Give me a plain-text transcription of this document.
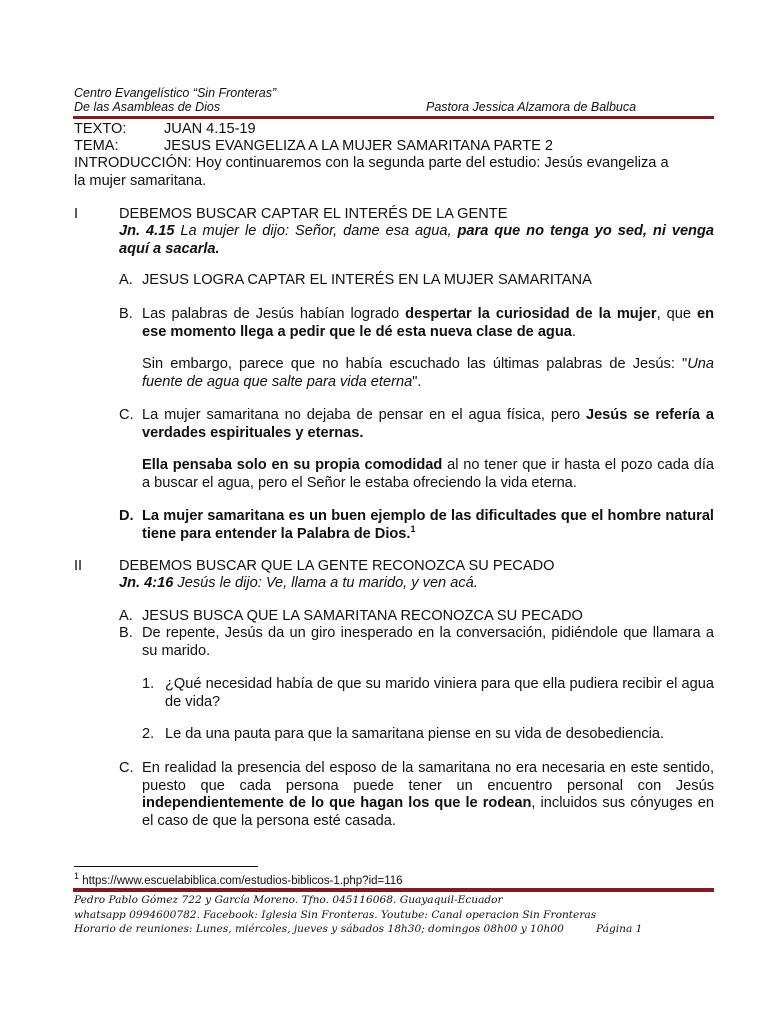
Centro Evangelístico “Sin Fronteras”
De las Asambleas de Dios	Pastora Jessica Alzamora de Balbuca
TEXTO:	JUAN 4.15-19
TEMA:	JESUS EVANGELIZA A LA MUJER SAMARITANA PARTE 2
INTRODUCCIÓN: Hoy continuaremos con la segunda parte del estudio: Jesús evangeliza a
la mujer samaritana.
I	DEBEMOS BUSCAR CAPTAR EL INTERÉS DE LA GENTE
Jn. 4.15 La mujer le dijo: Señor, dame esa agua, para que no tenga yo sed, ni venga aquí a sacarla.
A. JESUS LOGRA CAPTAR EL INTERÉS EN LA MUJER SAMARITANA
B. Las palabras de Jesús habían logrado despertar la curiosidad de la mujer, que en ese momento llega a pedir que le dé esta nueva clase de agua.
Sin embargo, parece que no había escuchado las últimas palabras de Jesús: "Una fuente de agua que salte para vida eterna".
C. La mujer samaritana no dejaba de pensar en el agua física, pero Jesús se refería a verdades espirituales y eternas.
Ella pensaba solo en su propia comodidad al no tener que ir hasta el pozo cada día a buscar el agua, pero el Señor le estaba ofreciendo la vida eterna.
D. La mujer samaritana es un buen ejemplo de las dificultades que el hombre natural tiene para entender la Palabra de Dios.$^1$
II	DEBEMOS BUSCAR QUE LA GENTE RECONOZCA SU PECADO
Jn. 4:16 Jesús le dijo: Ve, llama a tu marido, y ven acá.
A. JESUS BUSCA QUE LA SAMARITANA RECONOZCA SU PECADO
B. De repente, Jesús da un giro inesperado en la conversación, pidiéndole que llamara a su marido.
1. ¿Qué necesidad había de que su marido viniera para que ella pudiera recibir el agua de vida?
2. Le da una pauta para que la samaritana piense en su vida de desobediencia.
C. En realidad la presencia del esposo de la samaritana no era necesaria en este sentido, puesto que cada persona puede tener un encuentro personal con Jesús independientemente de lo que hagan los que le rodean, incluidos sus cónyuges en el caso de que la persona esté casada.
$^1$ https://www.escuelabiblica.com/estudios-biblicos-1.php?id=116
Pedro Pablo Gómez 722 y García Moreno. Tfno. 045116068. Guayaquil-Ecuador
whatsapp 0994600782. Facebook: Iglesia Sin Fronteras. Youtube: Canal operacion Sin Fronteras
Horario de reuniones: Lunes, miércoles, jueves y sábados 18h30; domingos 08h00 y 10h00	Página 1
